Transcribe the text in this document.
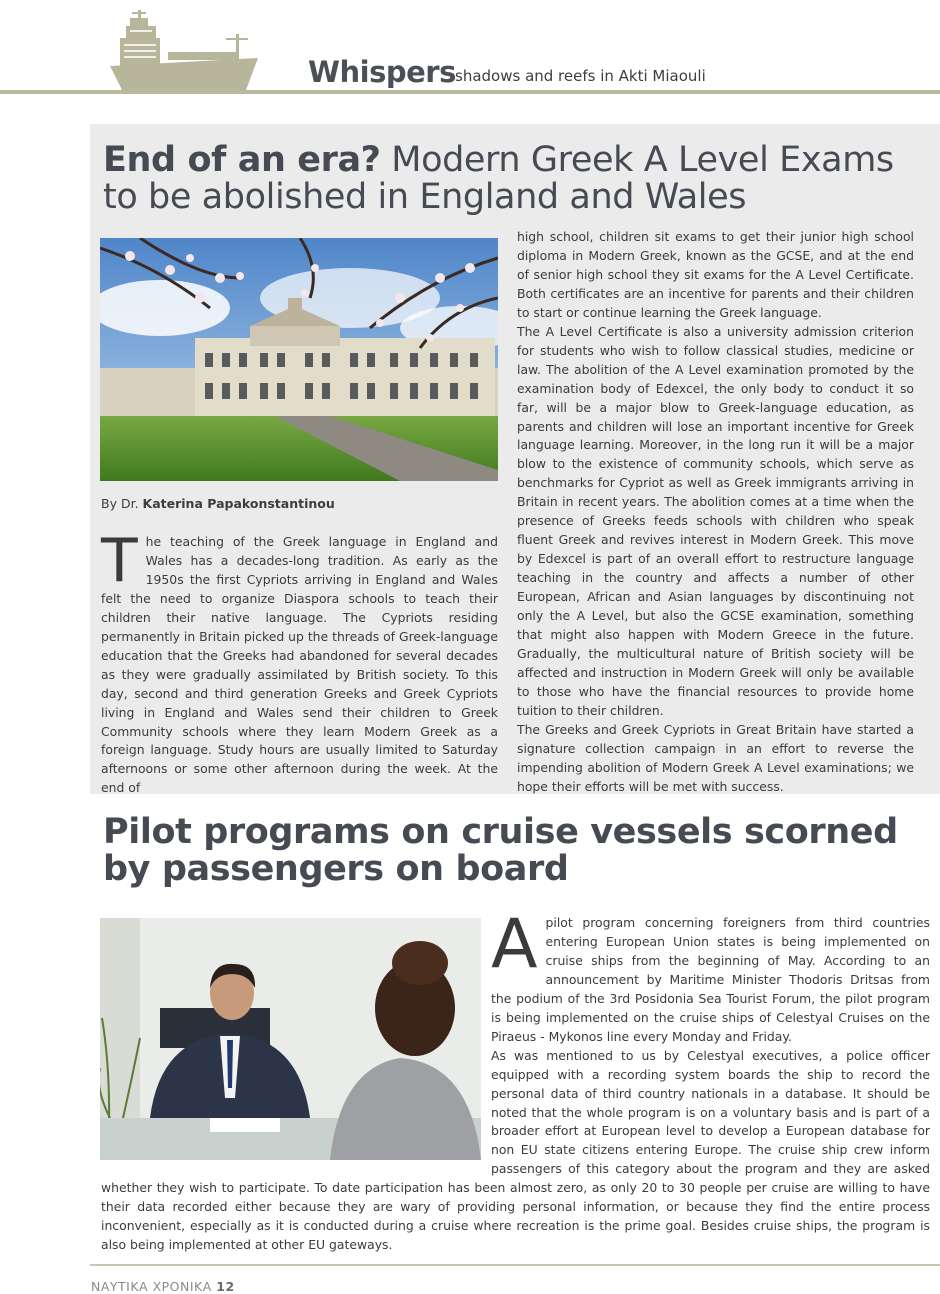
Whispers shadows and reefs in Akti Miaouli
End of an era? Modern Greek A Level Exams to be abolished in England and Wales
By Dr. Katerina Papakonstantinou
The teaching of the Greek language in England and Wales has a decades-long tradition. As early as the 1950s the first Cypriots arriving in England and Wales felt the need to organize Diaspora schools to teach their children their native language. The Cypriots residing permanently in Britain picked up the threads of Greek-language education that the Greeks had abandoned for several decades as they were gradually assimilated by British society. To this day, second and third generation Greeks and Greek Cypriots living in England and Wales send their children to Greek Community schools where they learn Modern Greek as a foreign language. Study hours are usually limited to Saturday afternoons or some other afternoon during the week. At the end of

high school, children sit exams to get their junior high school diploma in Modern Greek, known as the GCSE, and at the end of senior high school they sit exams for the A Level Certificate. Both certificates are an incentive for parents and their children to start or continue learning the Greek language.

The A Level Certificate is also a university admission criterion for students who wish to follow classical studies, medicine or law. The abolition of the A Level examination promoted by the examination body of Edexcel, the only body to conduct it so far, will be a major blow to Greek-language education, as parents and children will lose an important incentive for Greek language learning. Moreover, in the long run it will be a major blow to the existence of community schools, which serve as benchmarks for Cypriot as well as Greek immigrants arriving in Britain in recent years. The abolition comes at a time when the presence of Greeks feeds schools with children who speak fluent Greek and revives interest in Modern Greek. This move by Edexcel is part of an overall effort to restructure language teaching in the country and affects a number of other European, African and Asian languages by discontinuing not only the A Level, but also the GCSE examination, something that might also happen with Modern Greece in the future. Gradually, the multicultural nature of British society will be affected and instruction in Modern Greek will only be available to those who have the financial resources to provide home tuition to their children.

The Greeks and Greek Cypriots in Great Britain have started a signature collection campaign in an effort to reverse the impending abolition of Modern Greek A Level examinations; we hope their efforts will be met with success.

Pilot programs on cruise vessels scorned by passengers on board
Apilot program concerning foreigners from third countries entering European Union states is being implemented on cruise ships from the beginning of May. According to an announcement by Maritime Minister Thodoris Dritsas from the podium of the 3rd Posidonia Sea Tourist Forum, the pilot program is being implemented on the cruise ships of Celestyal Cruises on the Piraeus - Mykonos line every Monday and Friday.
As was mentioned to us by Celestyal executives, a police officer equipped with a recording system boards the ship to record the personal data of third country nationals in a database. It should be noted that the whole program is on a voluntary basis and is part of a broader effort at European level to develop a European database for non EU state citizens entering Europe. The cruise ship crew inform passengers of this category about the program and they are asked whether they wish to participate. To date participation has been almost zero, as only 20 to 30 people per cruise are willing to have their data recorded either because they are wary of providing personal information, or because they find the entire process inconvenient, especially as it is conducted during a cruise where recreation is the prime goal. Besides cruise ships, the program is also being implemented at other EU gateways.
ΝΑΥΤΙΚΑ ΧΡΟΝΙΚΑ 12
